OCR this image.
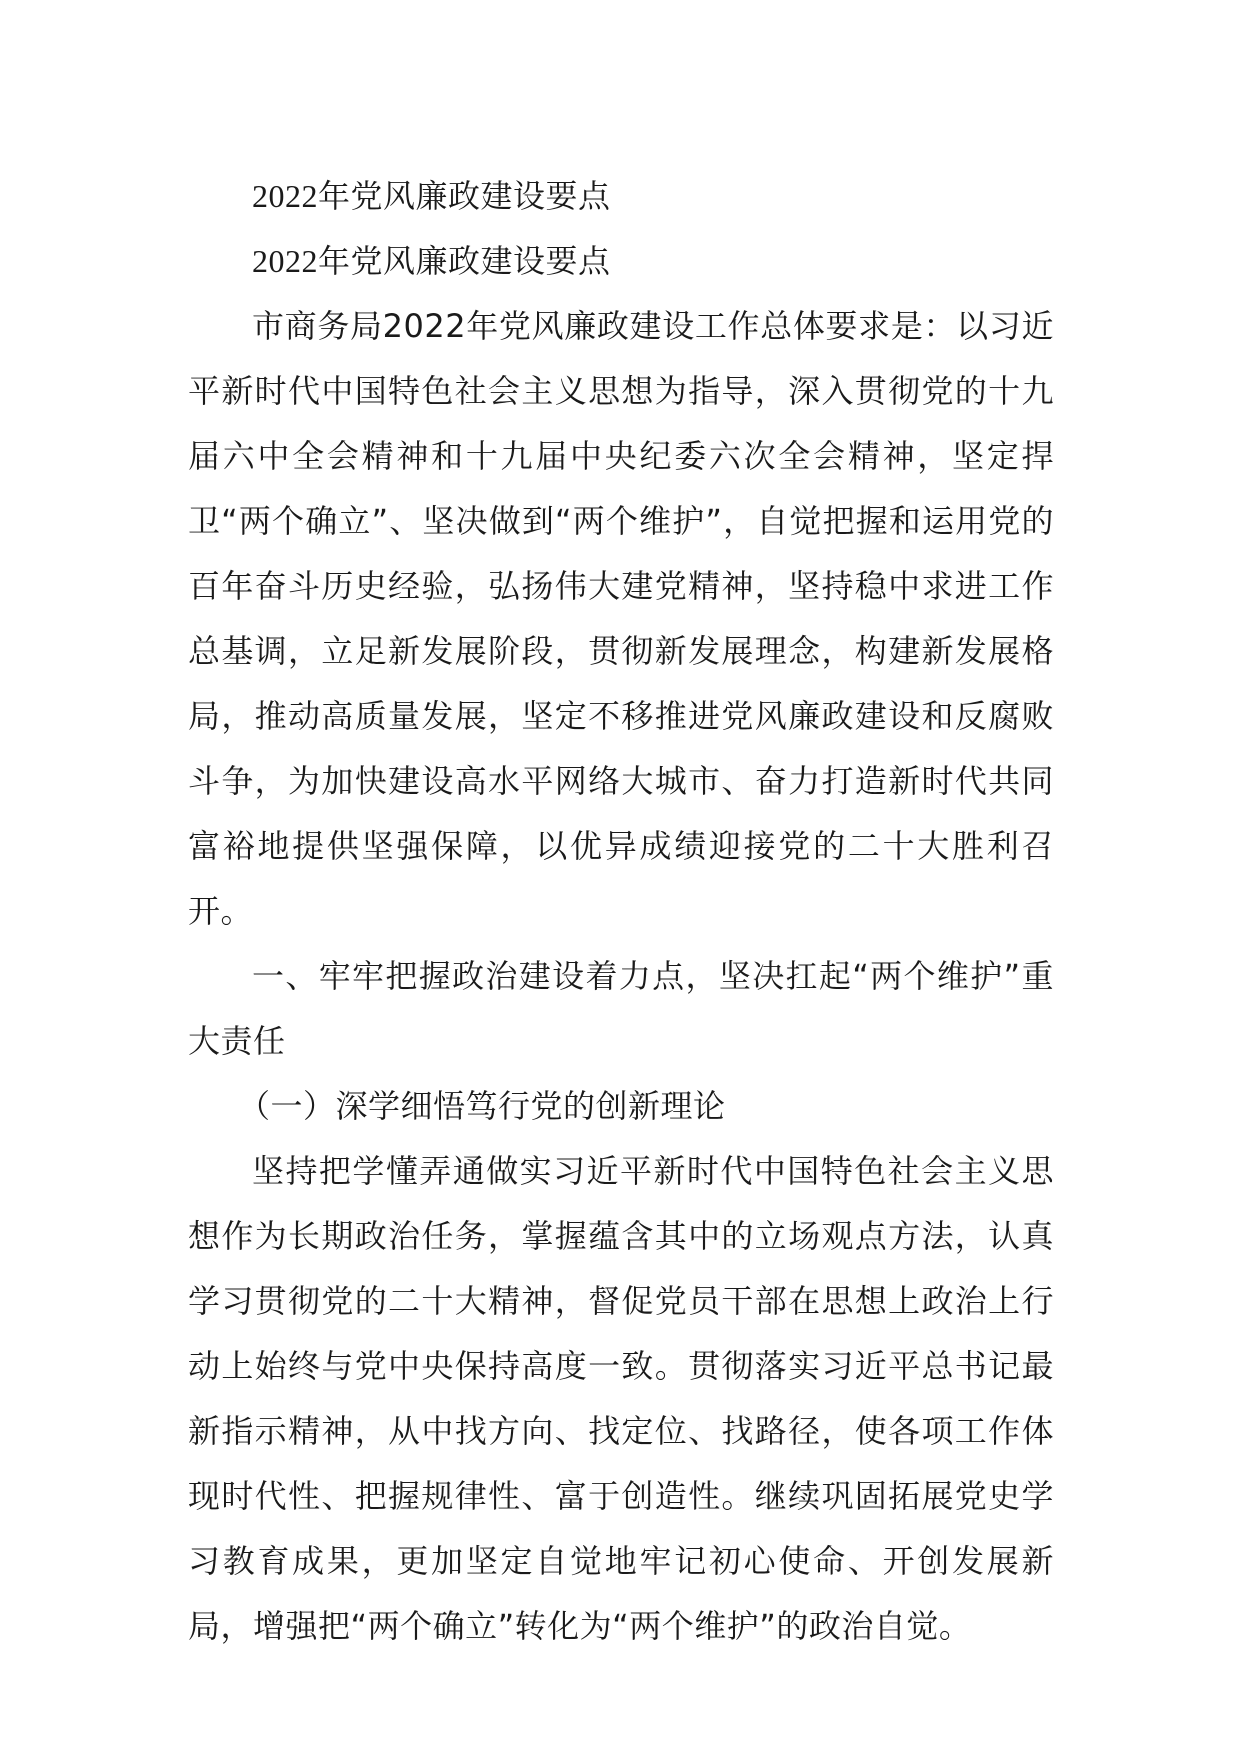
2022年党风廉政建设要点

2022年党风廉政建设要点

市商务局2022年党风廉政建设工作总体要求是：以习近平新时代中国特色社会主义思想为指导，深入贯彻党的十九届六中全会精神和十九届中央纪委六次全会精神，坚定捍卫“两个确立”、坚决做到“两个维护”，自觉把握和运用党的百年奋斗历史经验，弘扬伟大建党精神，坚持稳中求进工作总基调，立足新发展阶段，贯彻新发展理念，构建新发展格局，推动高质量发展，坚定不移推进党风廉政建设和反腐败斗争，为加快建设高水平网络大城市、奋力打造新时代共同富裕地提供坚强保障，以优异成绩迎接党的二十大胜利召开。

一、牢牢把握政治建设着力点，坚决扛起“两个维护”重大责任

（一）深学细悟笃行党的创新理论

坚持把学懂弄通做实习近平新时代中国特色社会主义思想作为长期政治任务，掌握蕴含其中的立场观点方法，认真学习贯彻党的二十大精神，督促党员干部在思想上政治上行动上始终与党中央保持高度一致。贯彻落实习近平总书记最新指示精神，从中找方向、找定位、找路径，使各项工作体现时代性、把握规律性、富于创造性。继续巩固拓展党史学习教育成果，更加坚定自觉地牢记初心使命、开创发展新局，增强把“两个确立”转化为“两个维护”的政治自觉。
